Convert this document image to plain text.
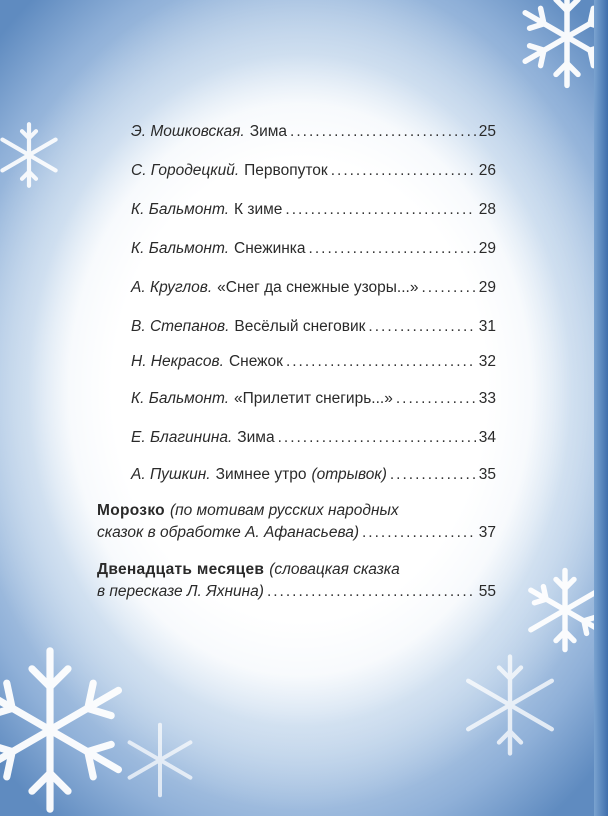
Э. Мошковская. Зима .....	25
С. Городецкий. Первопуток .....	26
К. Бальмонт. К зиме .....	28
К. Бальмонт. Снежинка .....	29
А. Круглов. «Снег да снежные узоры...» .....	29
В. Степанов. Весёлый снеговик .....	31
Н. Некрасов. Снежок .....	32
К. Бальмонт. «Прилетит снегирь...» .....	33
Е. Благинина. Зима .....	34
А. Пушкин. Зимнее утро (отрывок) .....	35
Морозко (по мотивам русских народных
сказок в обработке А. Афанасьева) .....	37
Двенадцать месяцев (словацкая сказка
в пересказе Л. Яхнина) .....	55
